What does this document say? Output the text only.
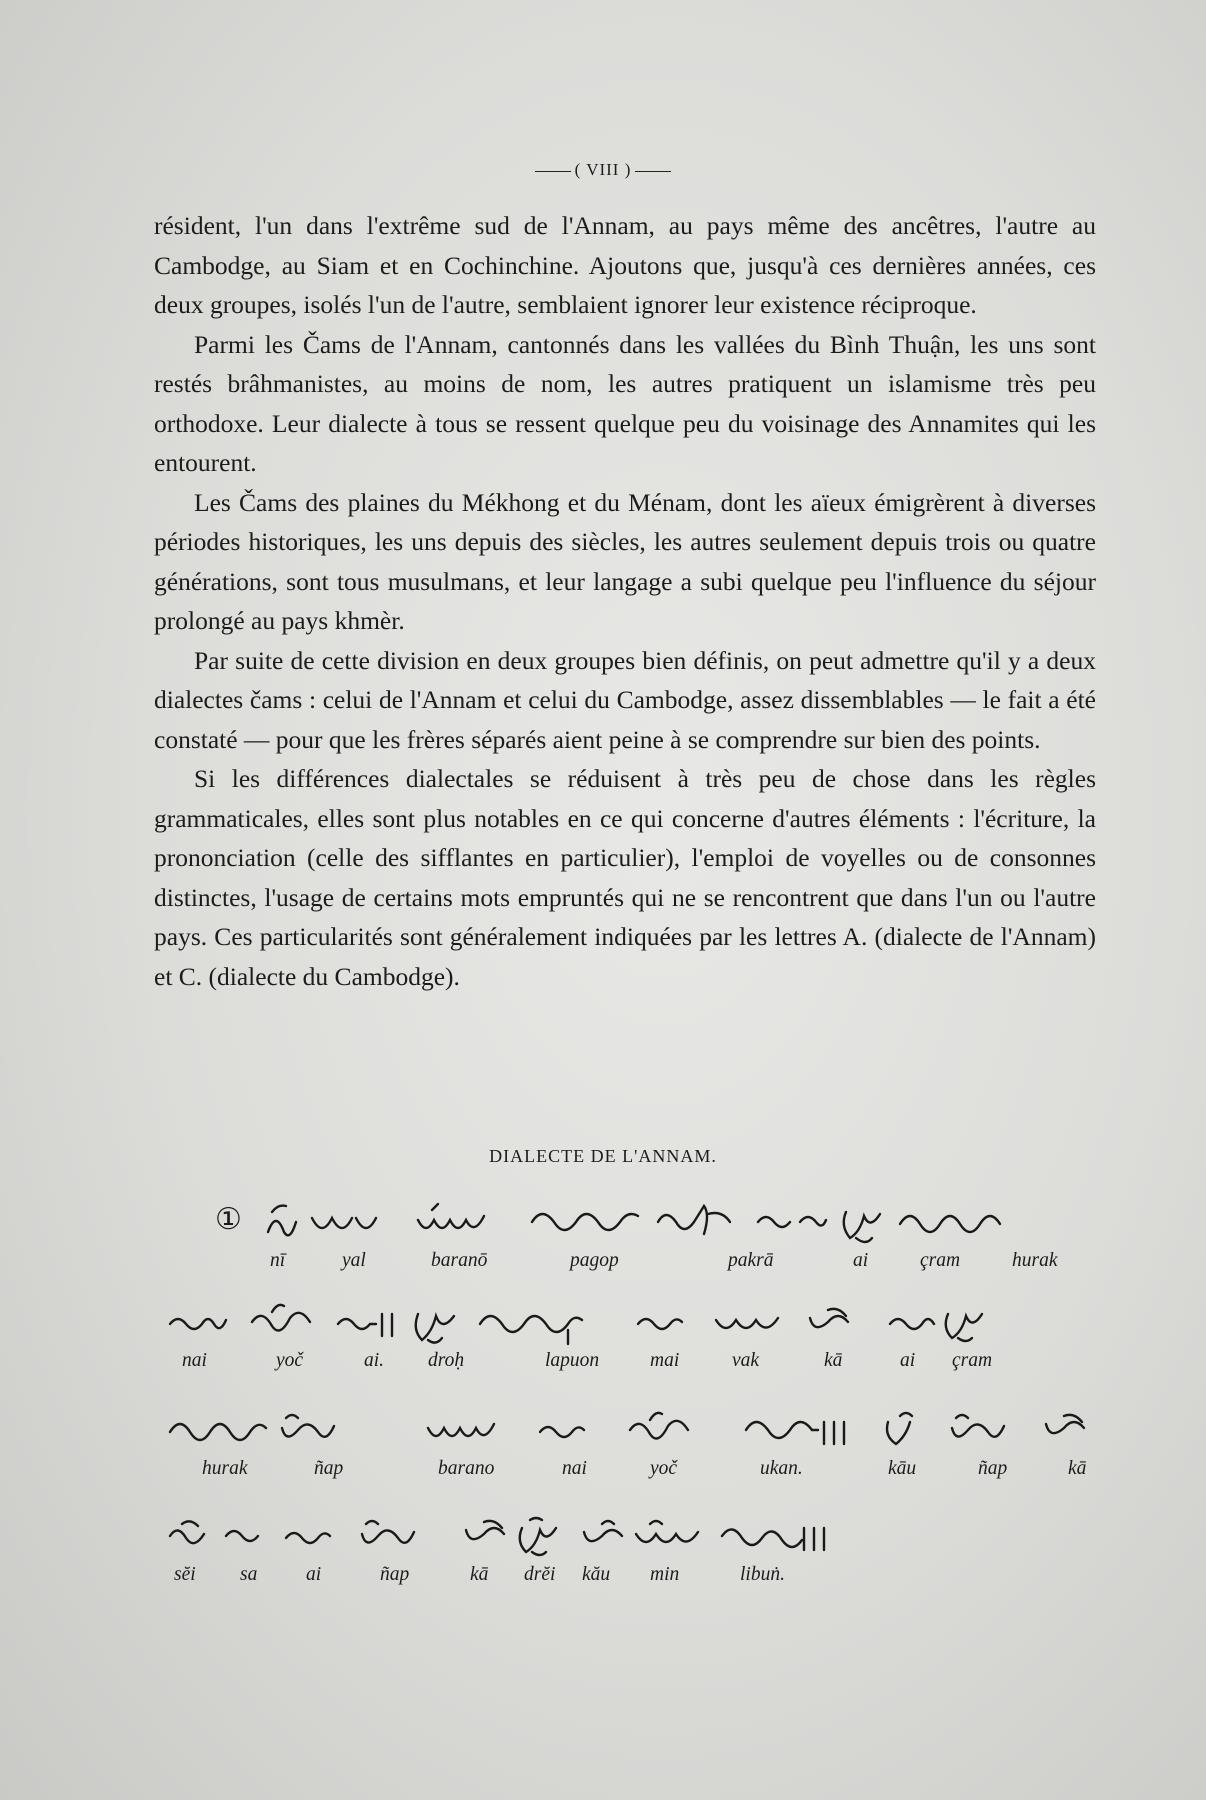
( VIII )

résident, l'un dans l'extrême sud de l'Annam, au pays même des ancêtres, l'autre au Cambodge, au Siam et en Cochinchine. Ajoutons que, jusqu'à ces dernières années, ces deux groupes, isolés l'un de l'autre, semblaient ignorer leur existence réciproque.

Parmi les Čams de l'Annam, cantonnés dans les vallées du Bình Thuận, les uns sont restés brâhmanistes, au moins de nom, les autres pratiquent un islamisme très peu orthodoxe. Leur dialecte à tous se ressent quelque peu du voisinage des Annamites qui les entourent.

Les Čams des plaines du Mékhong et du Ménam, dont les aïeux émigrèrent à diverses périodes historiques, les uns depuis des siècles, les autres seulement depuis trois ou quatre générations, sont tous musulmans, et leur langage a subi quelque peu l'influence du séjour prolongé au pays khmèr.

Par suite de cette division en deux groupes bien définis, on peut admettre qu'il y a deux dialectes čams : celui de l'Annam et celui du Cambodge, assez dissemblables — le fait a été constaté — pour que les frères séparés aient peine à se comprendre sur bien des points.

Si les différences dialectales se réduisent à très peu de chose dans les règles grammaticales, elles sont plus notables en ce qui concerne d'autres éléments : l'écriture, la prononciation (celle des sifflantes en particulier), l'emploi de voyelles ou de consonnes distinctes, l'usage de certains mots empruntés qui ne se rencontrent que dans l'un ou l'autre pays. Ces particularités sont généralement indiquées par les lettres A. (dialecte de l'Annam) et C. (dialecte du Cambodge).

DIALECTE DE L'ANNAM.
①
nī	yal	baranō	pagop	pakrā	ai	çram	hurak
nai	yoč	ai. droḥ	lapuon	mai	vak	kā	ai çram
hurak	ñap	barano	nai	yoč	ukan.	kāu	ñap	kā
sĕi sa ai	ñap	kā drĕi kău min	libuṅ.
